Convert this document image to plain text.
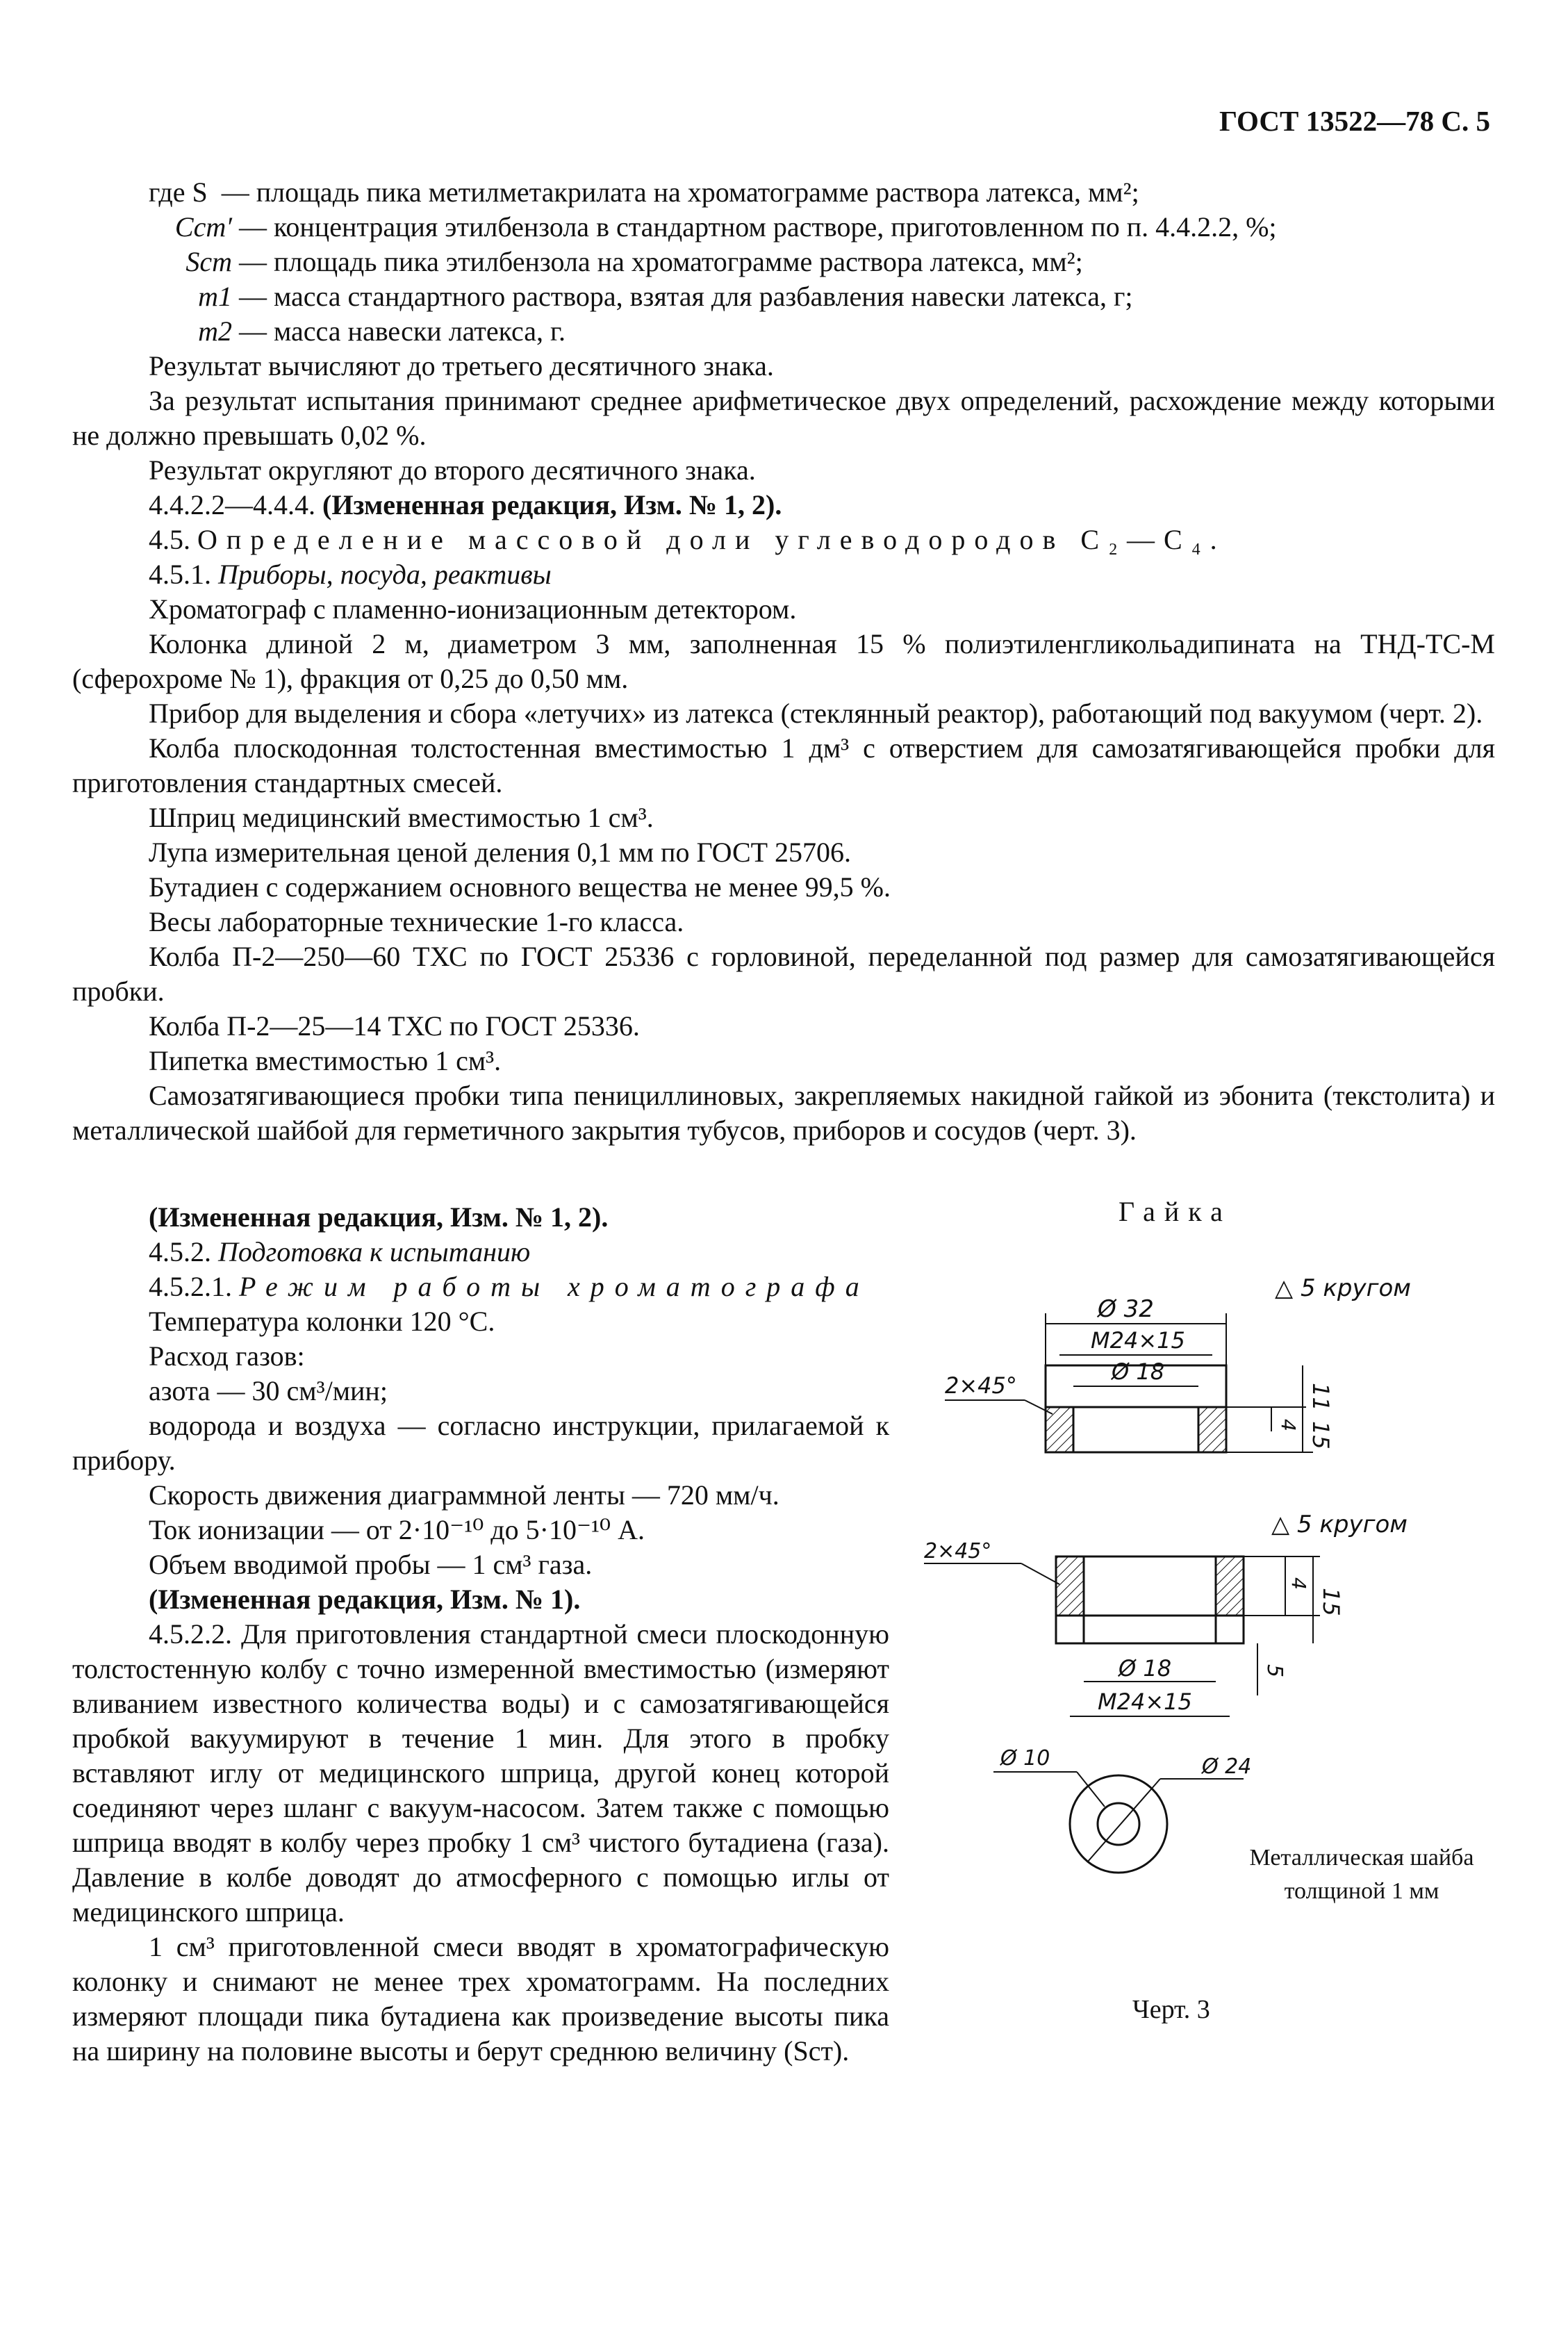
ГОСТ 13522—78 С. 5

где S — площадь пика метилметакрилата на хроматограмме раствора латекса, мм²;

Cст′ — концентрация этилбензола в стандартном растворе, приготовленном по п. 4.4.2.2, %;

Sст — площадь пика этилбензола на хроматограмме раствора латекса, мм²;

m1 — масса стандартного раствора, взятая для разбавления навески латекса, г;

m2 — масса навески латекса, г.

Результат вычисляют до третьего десятичного знака.

За результат испытания принимают среднее арифметическое двух определений, расхождение между которыми не должно превышать 0,02 %.

Результат округляют до второго десятичного знака.

4.4.2.2—4.4.4. (Измененная редакция, Изм. № 1, 2).

4.5. Определение массовой доли углеводородов C₂—C₄.

4.5.1. Приборы, посуда, реактивы

Хроматограф с пламенно-ионизационным детектором.

Колонка длиной 2 м, диаметром 3 мм, заполненная 15 % полиэтиленгликольадипината на ТНД-ТС-М (сферохроме № 1), фракция от 0,25 до 0,50 мм.

Прибор для выделения и сбора «летучих» из латекса (стеклянный реактор), работающий под вакуумом (черт. 2).

Колба плоскодонная толстостенная вместимостью 1 дм³ с отверстием для самозатягивающейся пробки для приготовления стандартных смесей.

Шприц медицинский вместимостью 1 см³.

Лупа измерительная ценой деления 0,1 мм по ГОСТ 25706.

Бутадиен с содержанием основного вещества не менее 99,5 %.

Весы лабораторные технические 1-го класса.

Колба П-2—250—60 ТХС по ГОСТ 25336 с горловиной, переделанной под размер для самозатягивающейся пробки.

Колба П-2—25—14 ТХС по ГОСТ 25336.

Пипетка вместимостью 1 см³.

Самозатягивающиеся пробки типа пенициллиновых, закрепляемых накидной гайкой из эбонита (текстолита) и металлической шайбой для герметичного закрытия тубусов, приборов и сосудов (черт. 3).

(Измененная редакция, Изм. № 1, 2).

4.5.2. Подготовка к испытанию

4.5.2.1. Режим работы хроматографа

Температура колонки 120 °С.

Расход газов:

азота — 30 см³/мин;

водорода и воздуха — согласно инструкции, прилагаемой к прибору.

Скорость движения диаграммной ленты — 720 мм/ч.

Ток ионизации — от 2·10⁻¹⁰ до 5·10⁻¹⁰ А.

Объем вводимой пробы — 1 см³ газа.

(Измененная редакция, Изм. № 1).

4.5.2.2. Для приготовления стандартной смеси плоскодонную толстостенную колбу с точно измеренной вместимостью (измеряют вливанием известного количества воды) и с самозатягивающейся пробкой вакуумируют в течение 1 мин. Для этого в пробку вставляют иглу от медицинского шприца, другой конец которой соединяют через шланг с вакуум-насосом. Затем также с помощью шприца вводят в колбу через пробку 1 см³ чистого бутадиена (газа). Давление в колбе доводят до атмосферного с помощью иглы от медицинского шприца.

1 см³ приготовленной смеси вводят в хроматографическую колонку и снимают не менее трех хроматограмм. На последних измеряют площади пика бутадиена как произведение высоты пика на ширину на половине высоты и берут среднюю величину (Sст).

Гайка
△ 5 кругом
Ø 32
М24×15
Ø 18
2×45°	11
4 15
△ 5 кругом
4
15
5
Ø 18
М24×15
2×45°
Ø 10	Ø 24
Металлическая шайба
толщиной 1 мм
Черт. 3
